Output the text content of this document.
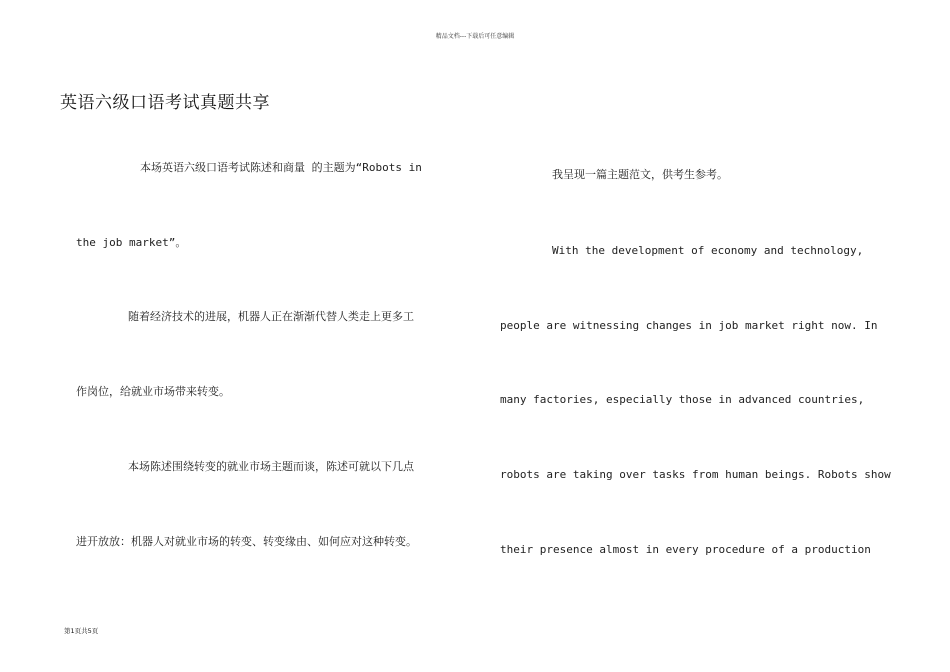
精品文档---下载后可任意编辑
英语六级口语考试真题共享
本场英语六级口语考试陈述和商量 的主题为“Robots in
the job market”。
随着经济技术的进展，机器人正在渐渐代替人类走上更多工
作岗位，给就业市场带来转变。
本场陈述围绕转变的就业市场主题而谈，陈述可就以下几点
进开放放：机器人对就业市场的转变、转变缘由、如何应对这种转变。
我呈现一篇主题范文，供考生参考。
With the development of economy and technology,
people are witnessing changes in job market right now. In
many factories, especially those in advanced countries,
robots are taking over tasks from human beings. Robots show
their presence almost in every procedure of a production
第1页共5页
